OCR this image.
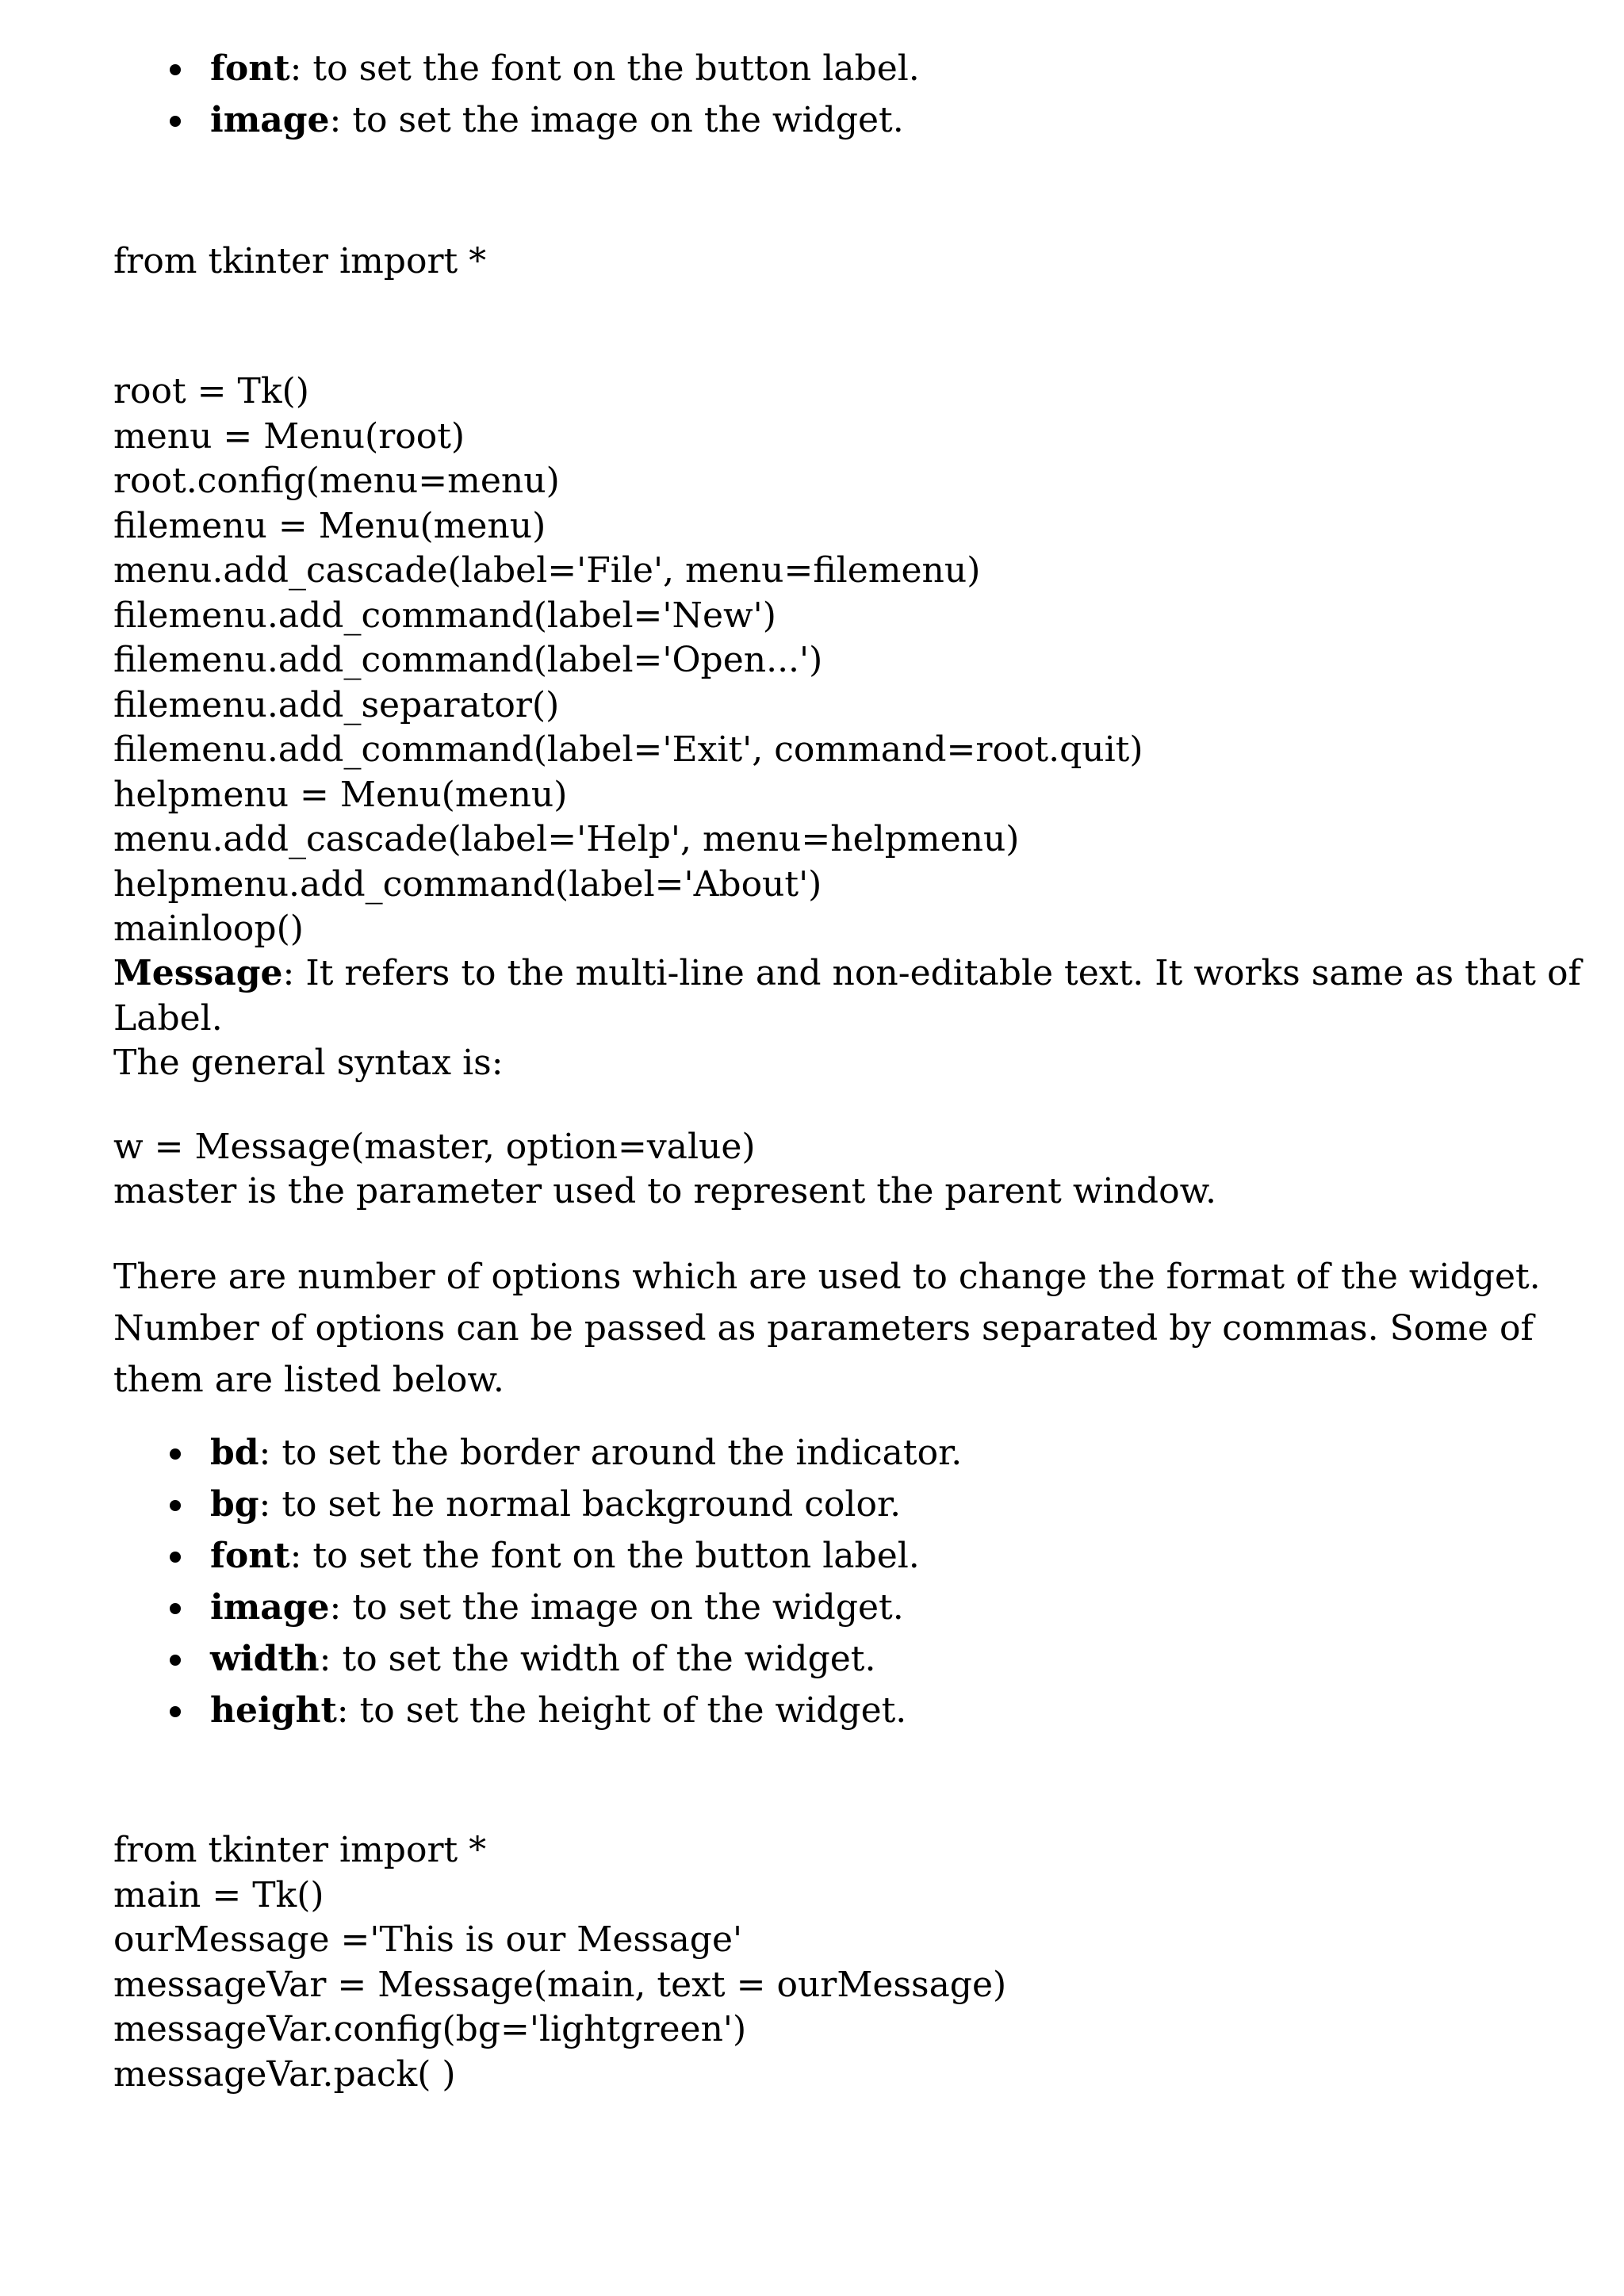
font: to set the font on the button label.
image: to set the image on the widget.
from tkinter import *
root = Tk()
menu = Menu(root)
root.config(menu=menu)
filemenu = Menu(menu)
menu.add_cascade(label='File', menu=filemenu)
filemenu.add_command(label='New')
filemenu.add_command(label='Open...')
filemenu.add_separator()
filemenu.add_command(label='Exit', command=root.quit)
helpmenu = Menu(menu)
menu.add_cascade(label='Help', menu=helpmenu)
helpmenu.add_command(label='About')
mainloop()
Message: It refers to the multi-line and non-editable text. It works same as that of
Label.
The general syntax is:
w = Message(master, option=value)
master is the parameter used to represent the parent window.
There are number of options which are used to change the format of the widget.
Number of options can be passed as parameters separated by commas. Some of
them are listed below.
bd: to set the border around the indicator.
bg: to set he normal background color.
font: to set the font on the button label.
image: to set the image on the widget.
width: to set the width of the widget.
height: to set the height of the widget.
from tkinter import *
main = Tk()
ourMessage ='This is our Message'
messageVar = Message(main, text = ourMessage)
messageVar.config(bg='lightgreen')
messageVar.pack( )
